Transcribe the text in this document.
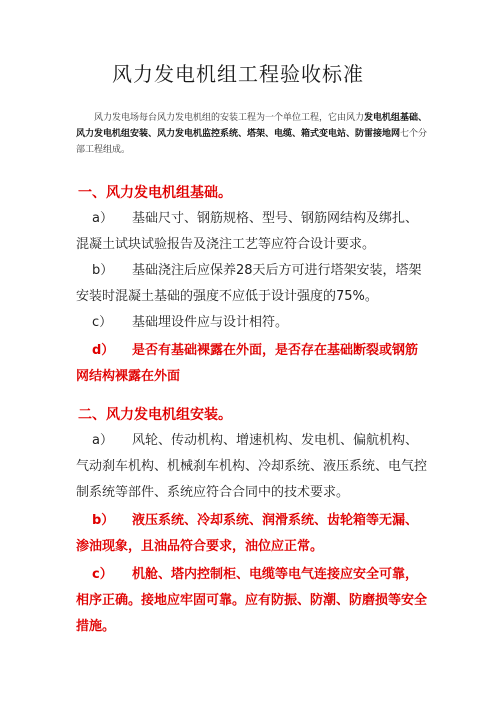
风力发电机组工程验收标准
风力发电场每台风力发电机组的安装工程为一个单位工程，它由风力发电机组基础、风力发电机组安装、风力发电机监控系统、塔架、电缆、箱式变电站、防雷接地网七个分部工程组成。
一、风力发电机组基础。
a） 基础尺寸、钢筋规格、型号、钢筋网结构及绑扎、混凝土试块试验报告及浇注工艺等应符合设计要求。
b） 基础浇注后应保养28天后方可进行塔架安装，塔架安装时混凝土基础的强度不应低于设计强度的75%。
c） 基础埋设件应与设计相符。
d） 是否有基础裸露在外面，是否存在基础断裂或钢筋网结构裸露在外面
二、风力发电机组安装。
a） 风轮、传动机构、增速机构、发电机、偏航机构、气动刹车机构、机械刹车机构、冷却系统、液压系统、电气控制系统等部件、系统应符合合同中的技术要求。
b） 液压系统、冷却系统、润滑系统、齿轮箱等无漏、渗油现象，且油品符合要求，油位应正常。
c） 机舱、塔内控制柜、电缆等电气连接应安全可靠，相序正确。接地应牢固可靠。应有防振、防潮、防磨损等安全措施。
